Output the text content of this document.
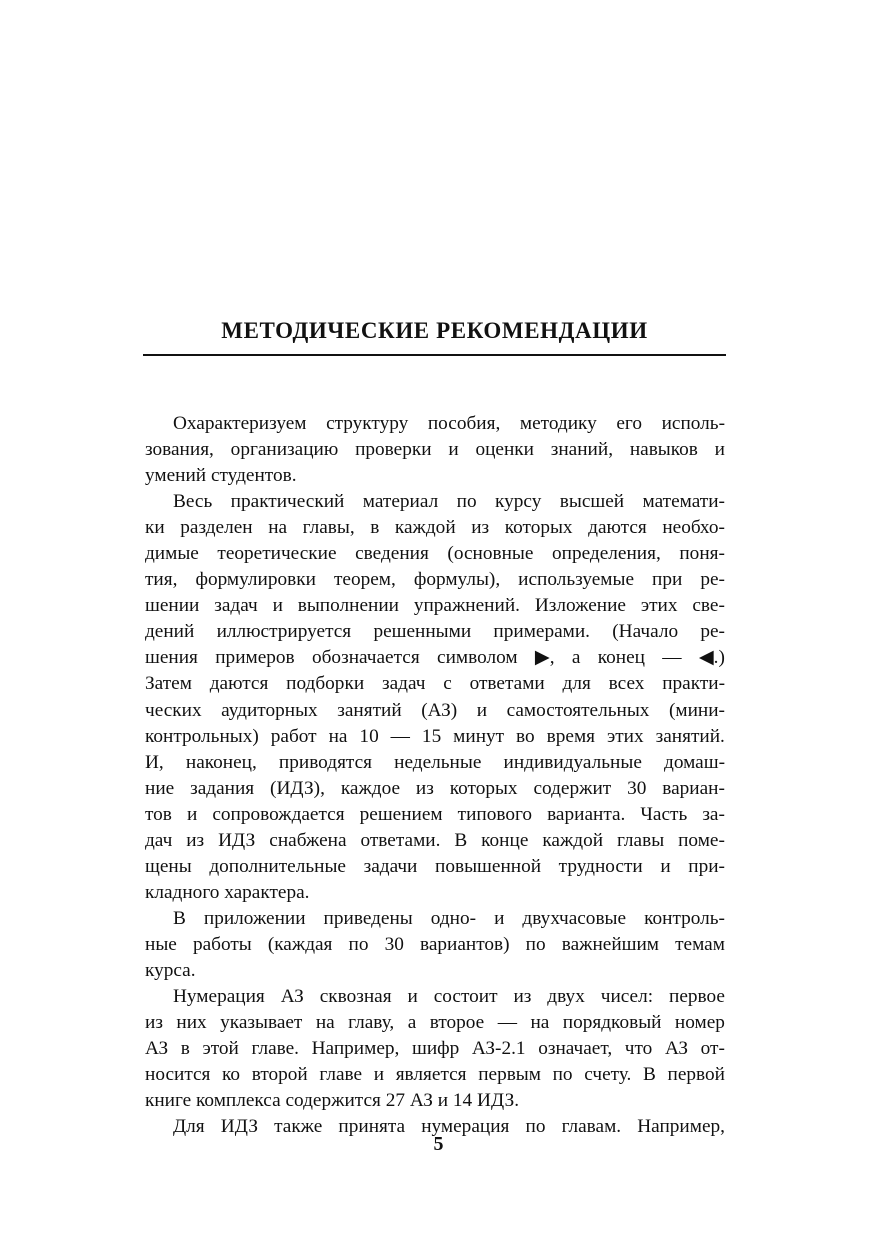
МЕТОДИЧЕСКИЕ РЕКОМЕНДАЦИИ
Охарактеризуем структуру пособия, методику его исполь-
зования, организацию проверки и оценки знаний, навыков и
умений
студентов.
Весь практический материал по курсу высшей математи-
ки разделен на главы, в каждой из которых даются необхо-
димые теоретические сведения (основные определения, поня-
тия, формулировки теорем, формулы), используемые при ре-
шении задач и выполнении упражнений. Изложение этих све-
дений иллюстрируется решенными примерами. (Начало ре-
шения примеров обозначается символом ▶, а конец — ◀.)
Затем даются подборки задач с ответами для всех практи-
ческих аудиторных занятий (АЗ) и самостоятельных (мини-
контрольных) работ на 10 — 15 минут во время этих занятий.
И, наконец, приводятся недельные индивидуальные домаш-
ние задания (ИДЗ), каждое из которых содержит 30 вариан-
тов и сопровождается решением типового варианта. Часть за-
дач из ИДЗ снабжена ответами. В конце каждой главы поме-
щены дополнительные задачи повышенной трудности и при-
кладного
характера.
В приложении приведены одно- и двухчасовые контроль-
ные работы (каждая по 30 вариантов) по важнейшим темам
курса.
Нумерация АЗ сквозная и состоит из двух чисел: первое
из них указывает на главу, а второе — на порядковый номер
АЗ в этой главе. Например, шифр АЗ-2.1 означает, что АЗ от-
носится ко второй главе и является первым по счету. В первой
книге
комплекса
содержится
27
АЗ
и
14
ИДЗ.
Для ИДЗ также принята нумерация по главам. Например,
5
